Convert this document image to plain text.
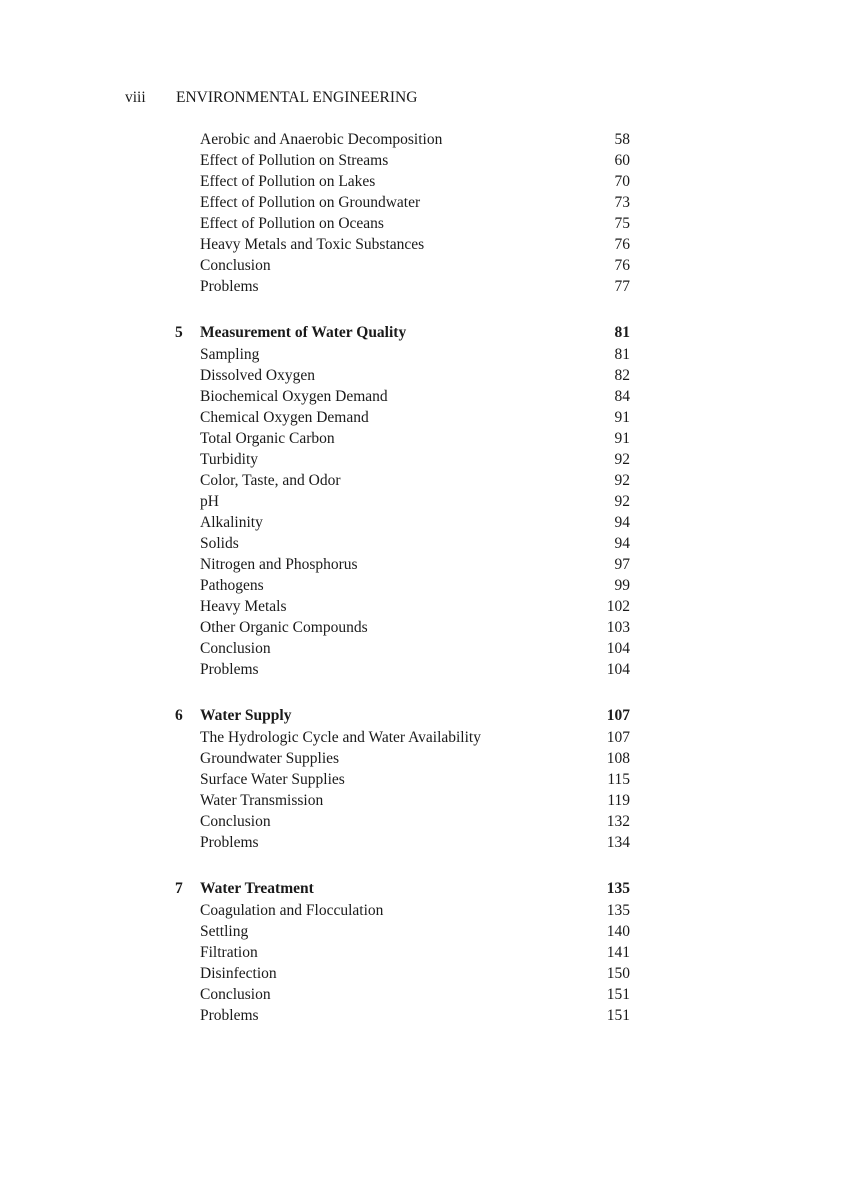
viii ENVIRONMENTAL ENGINEERING
Aerobic and Anaerobic Decomposition	58
Effect of Pollution on Streams	60
Effect of Pollution on Lakes	70
Effect of Pollution on Groundwater	73
Effect of Pollution on Oceans	75
Heavy Metals and Toxic Substances	76
Conclusion	76
Problems	77
5 Measurement of Water Quality	81
Sampling	81
Dissolved Oxygen	82
Biochemical Oxygen Demand	84
Chemical Oxygen Demand	91
Total Organic Carbon	91
Turbidity	92
Color, Taste, and Odor	92
pH	92
Alkalinity	94
Solids	94
Nitrogen and Phosphorus	97
Pathogens	99
Heavy Metals	102
Other Organic Compounds	103
Conclusion	104
Problems	104
6 Water Supply	107
The Hydrologic Cycle and Water Availability	107
Groundwater Supplies	108
Surface Water Supplies	115
Water Transmission	119
Conclusion	132
Problems	134
7 Water Treatment	135
Coagulation and Flocculation	135
Settling	140
Filtration	141
Disinfection	150
Conclusion	151
Problems	151
